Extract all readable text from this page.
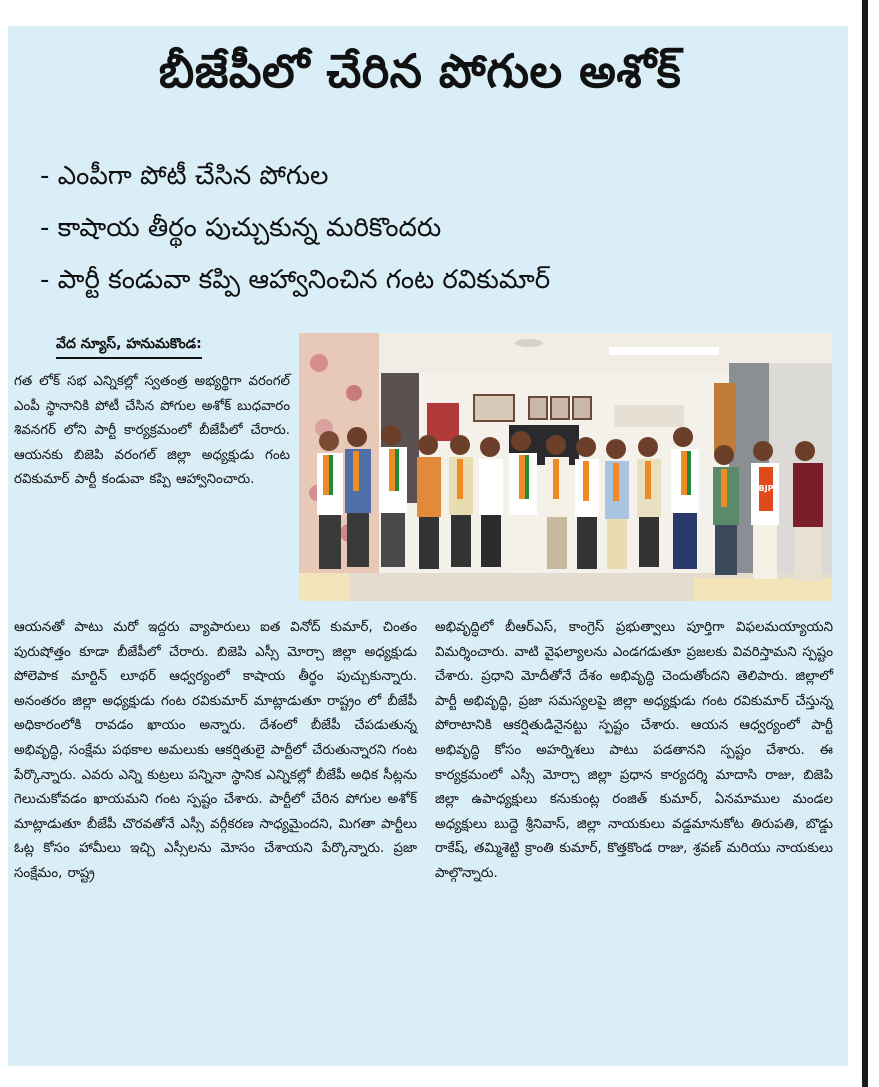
బీజేపీలో చేరిన పోగుల అశోక్
- ఎంపీగా పోటీ చేసిన పోగుల
- కాషాయ తీర్థం పుచ్చుకున్న మరికొందరు
- పార్టీ కండువా కప్పి ఆహ్వానించిన గంట రవికుమార్
వేద న్యూస్, హనుమకొండ:
BJP
గత లోక్ సభ ఎన్నికల్లో స్వతంత్ర అభ్యర్థిగా వరంగల్ ఎంపీ స్థానానికి పోటీ చేసిన పోగుల అశోక్ బుధవారం శివనగర్ లోని పార్టీ కార్యక్రమంలో బీజేపీలో చేరారు. ఆయనకు బిజెపి వరంగల్ జిల్లా అధ్యక్షుడు గంట రవికుమార్ పార్టీ కండువా కప్పి ఆహ్వానించారు.
ఆయనతో పాటు మరో ఇద్దరు వ్యాపారులు ఐత వినోద్ కుమార్, చింతం పురుషోత్తం కూడా బీజేపీలో చేరారు. బిజెపి ఎస్సీ మోర్చా జిల్లా అధ్యక్షుడు పోలెపాక మార్టిన్ లూథర్ ఆధ్వర్యంలో కాషాయ తీర్థం పుచ్చుకున్నారు. అనంతరం జిల్లా అధ్యక్షుడు గంట రవికుమార్ మాట్లాడుతూ రాష్ట్రం లో బీజేపీ అధికారంలోకి రావడం ఖాయం అన్నారు. దేశంలో బీజేపీ చేపడుతున్న అభివృద్ధి, సంక్షేమ పథకాల అమలుకు ఆకర్షితులై పార్టీలో చేరుతున్నారని గంట పేర్కొన్నారు. ఎవరు ఎన్ని కుట్రలు పన్నినా స్థానిక ఎన్నికల్లో బీజేపీ అధిక సీట్లను గెలుచుకోవడం ఖాయమని గంట స్పష్టం చేశారు. పార్టీలో చేరిన పోగుల అశోక్ మాట్లాడుతూ బీజేపీ చొరవతోనే ఎస్సీ వర్గీకరణ సాధ్యమైందని, మిగతా పార్టీలు ఓట్ల కోసం హామీలు ఇచ్చి ఎస్సీలను మోసం చేశాయని పేర్కొన్నారు. ప్రజా సంక్షేమం, రాష్ట్ర
అభివృద్ధిలో బీఆర్ఎస్, కాంగ్రెస్ ప్రభుత్వాలు పూర్తిగా విఫలమయ్యాయని విమర్శించారు. వాటి వైఫల్యాలను ఎండగడుతూ ప్రజలకు వివరిస్తామని స్పష్టం చేశారు. ప్రధాని మోదీతోనే దేశం అభివృద్ధి చెందుతోందని తెలిపారు. జిల్లాలో పార్టీ అభివృద్ధి, ప్రజా సమస్యలపై జిల్లా అధ్యక్షుడు గంట రవికుమార్ చేస్తున్న పోరాటానికి ఆకర్షితుడినైనట్టు స్పష్టం చేశారు. ఆయన ఆధ్వర్యంలో పార్టీ అభివృద్ధి కోసం అహర్నిశలు పాటు పడతానని స్పష్టం చేశారు. ఈ కార్యక్రమంలో ఎస్సీ మోర్చా జిల్లా ప్రధాన కార్యదర్శి మాదాసి రాజు, బిజెపి జిల్లా ఉపాధ్యక్షులు కనుకుంట్ల రంజిత్ కుమార్, ఏనమాముల మండల అధ్యక్షులు బుద్దె శ్రీనివాస్, జిల్లా నాయకులు వడ్డమానుకోట తిరుపతి, బొడ్డు రాకేష్, తమ్మిశెట్టి క్రాంతి కుమార్, కొత్తకొండ రాజు, శ్రవణ్ మరియు నాయకులు పాల్గొన్నారు.
